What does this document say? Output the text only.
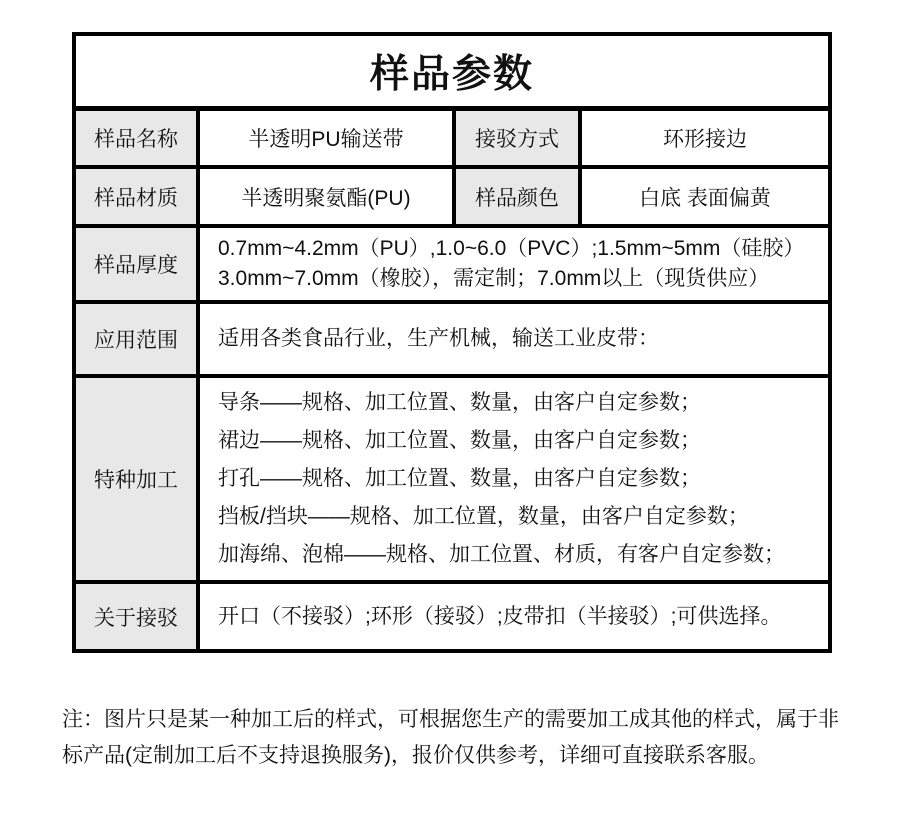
样品参数			
样品名称	半透明PU输送带	接驳方式	环形接边
样品材质	半透明聚氨酯(PU)	样品颜色	白底 表面偏黄
样品厚度	0.7mm~4.2mm（PU）,1.0~6.0（PVC）;1.5mm~5mm（硅胶）
3.0mm~7.0mm（橡胶），需定制；7.0mm以上（现货供应）		

应用范围	适用各类食品行业，生产机械，输送工业皮带：		

特种加工	导条——规格、加工位置、数量，由客户自定参数；
裙边——规格、加工位置、数量，由客户自定参数；
打孔——规格、加工位置、数量，由客户自定参数；
挡板/挡块——规格、加工位置，数量，由客户自定参数；
加海绵、泡棉——规格、加工位置、材质，有客户自定参数；		

关于接驳	开口（不接驳）;环形（接驳）;皮带扣（半接驳）;可供选择。		
注：图片只是某一种加工后的样式，可根据您生产的需要加工成其他的样式，属于非
标产品(定制加工后不支持退换服务)，报价仅供参考，详细可直接联系客服。
